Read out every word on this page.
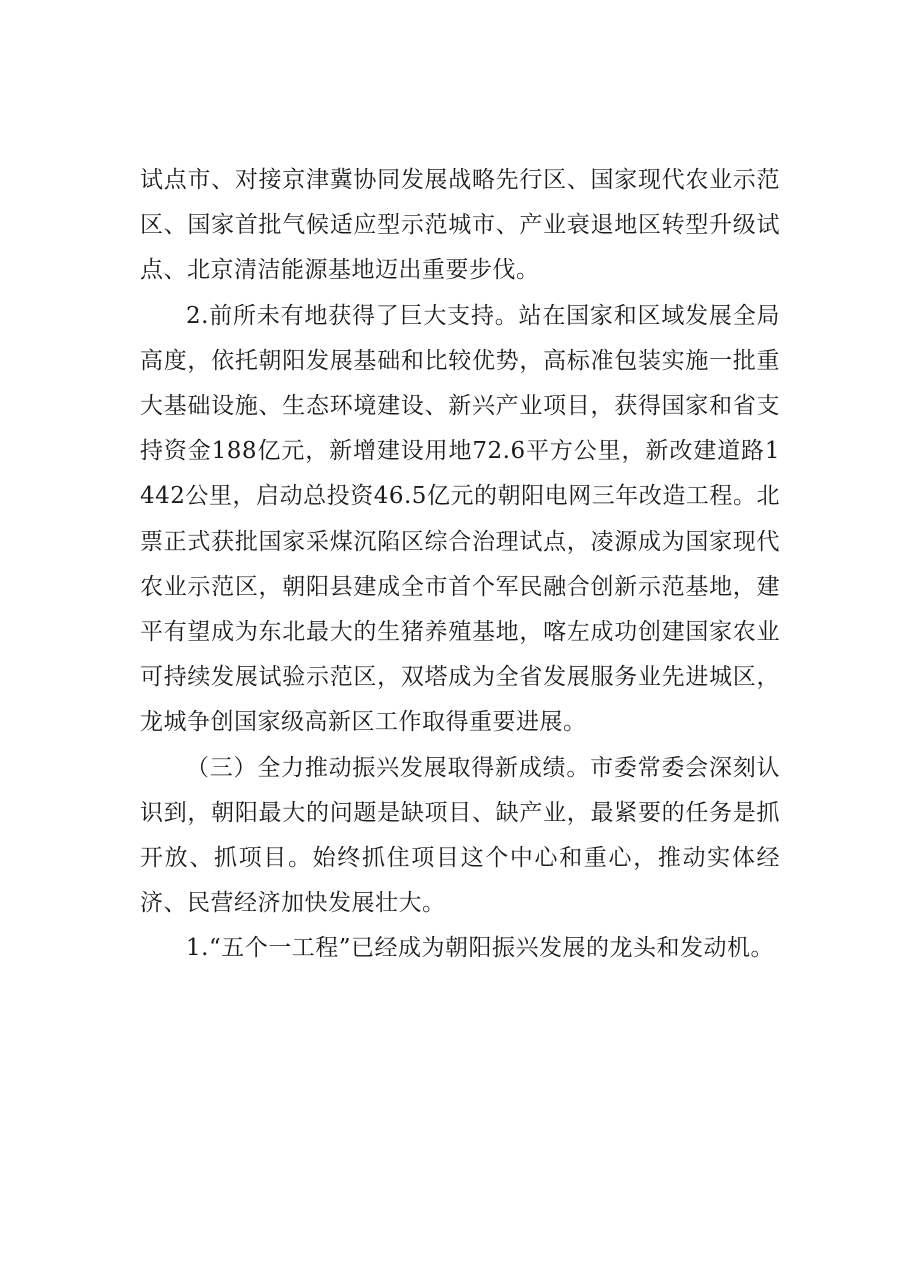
试点市、对接京津冀协同发展战略先行区、国家现代农业示范区、国家首批气候适应型示范城市、产业衰退地区转型升级试点、北京清洁能源基地迈出重要步伐。

2.前所未有地获得了巨大支持。站在国家和区域发展全局高度，依托朝阳发展基础和比较优势，高标准包装实施一批重大基础设施、生态环境建设、新兴产业项目，获得国家和省支持资金188亿元，新增建设用地72.6平方公里，新改建道路1442公里，启动总投资46.5亿元的朝阳电网三年改造工程。北票正式获批国家采煤沉陷区综合治理试点，凌源成为国家现代农业示范区，朝阳县建成全市首个军民融合创新示范基地，建平有望成为东北最大的生猪养殖基地，喀左成功创建国家农业可持续发展试验示范区，双塔成为全省发展服务业先进城区，龙城争创国家级高新区工作取得重要进展。

（三）全力推动振兴发展取得新成绩。市委常委会深刻认识到，朝阳最大的问题是缺项目、缺产业，最紧要的任务是抓开放、抓项目。始终抓住项目这个中心和重心，推动实体经济、民营经济加快发展壮大。

1.“五个一工程”已经成为朝阳振兴发展的龙头和发动机。
